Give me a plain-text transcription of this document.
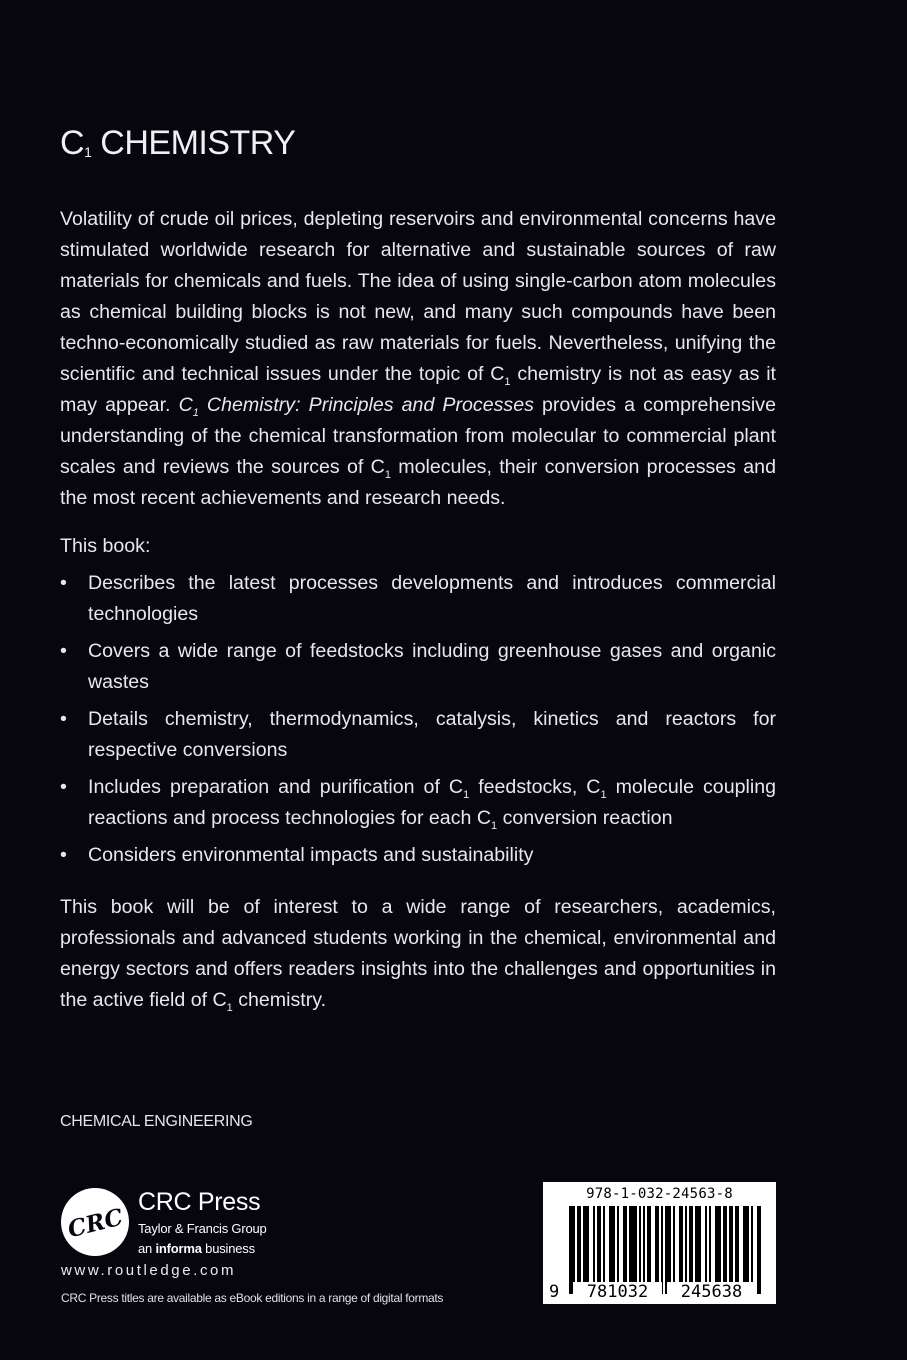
$C_1$ CHEMISTRY

Volatility of crude oil prices, depleting reservoirs and environmental concerns have stimulated worldwide research for alternative and sustainable sources of raw materials for chemicals and fuels. The idea of using single-carbon atom molecules as chemical building blocks is not new, and many such compounds have been techno-economically studied as raw materials for fuels. Nevertheless, unifying the scientific and technical issues under the topic of $C_1$ chemistry is not as easy as it may appear. $C_1$ Chemistry: Principles and Processes provides a comprehensive understanding of the chemical transformation from molecular to commercial plant scales and reviews the sources of $C_1$ molecules, their conversion processes and the most recent achievements and research needs.

This book:

• Describes the latest processes developments and introduces commercial technologies
• Covers a wide range of feedstocks including greenhouse gases and organic wastes
• Details chemistry, thermodynamics, catalysis, kinetics and reactors for respective conversions
• Includes preparation and purification of $C_1$ feedstocks, $C_1$ molecule coupling reactions and process technologies for each $C_1$ conversion reaction
• Considers environmental impacts and sustainability

This book will be of interest to a wide range of researchers, academics, professionals and advanced students working in the chemical, environmental and energy sectors and offers readers insights into the challenges and opportunities in the active field of $C_1$ chemistry.

CHEMICAL ENGINEERING
CRC
CRC Press
Taylor & Francis Group
an informa business
www.routledge.com
CRC Press titles are available as eBook editions in a range of digital formats
978-1-032-24563-8
9	781032	245638
